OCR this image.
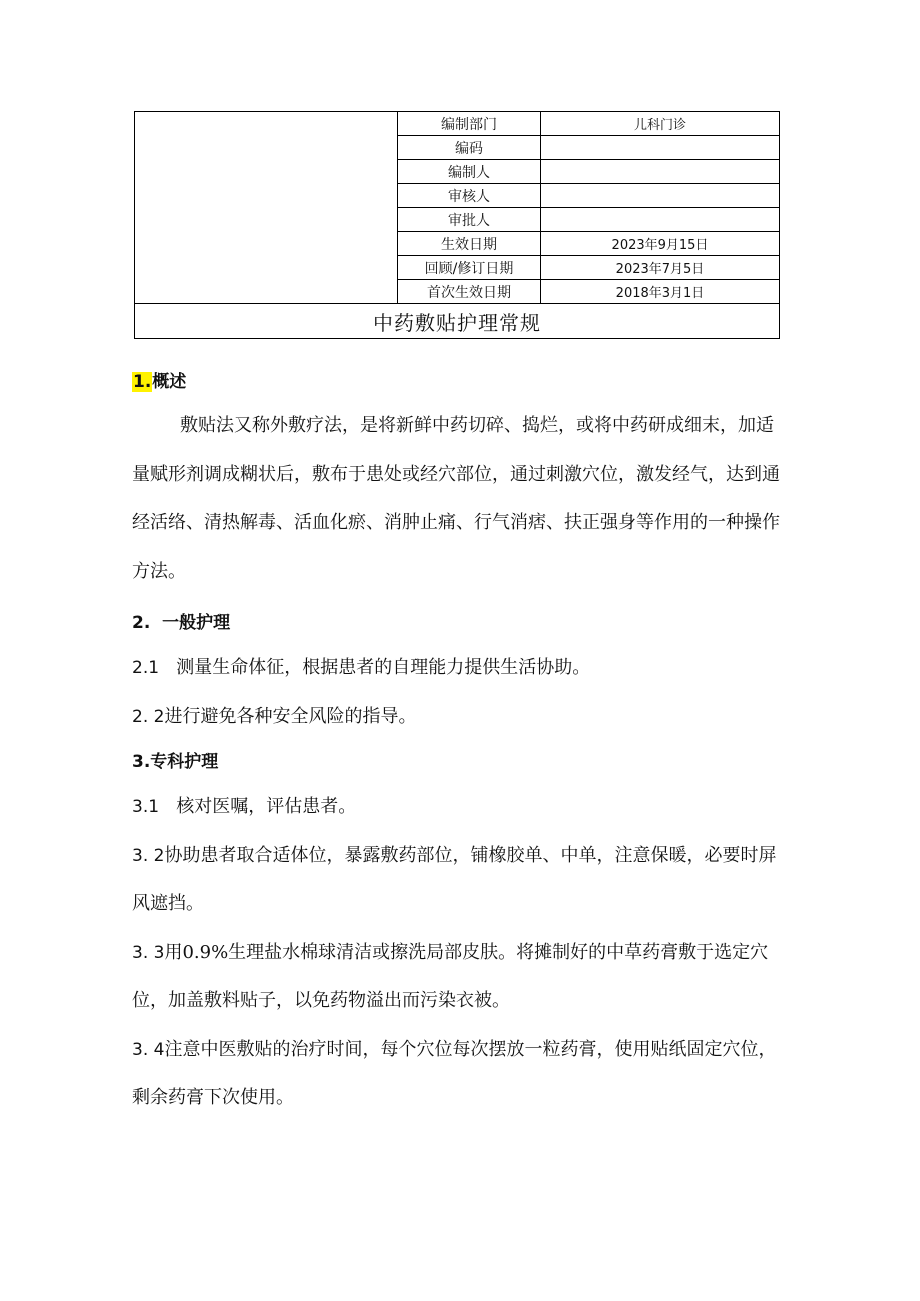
	编制部门	儿科门诊
	编码	
	编制人	
	审核人	
	审批人	
	生效日期	2023年9月15日
	回顾/修订日期	2023年7月5日
	首次生效日期	2018年3月1日
中药敷贴护理常规		
1.概述

敷贴法又称外敷疗法，是将新鲜中药切碎、捣烂，或将中药研成细末，加适量赋形剂调成糊状后，敷布于患处或经穴部位，通过刺激穴位，激发经气，达到通经活络、清热解毒、活血化瘀、消肿止痛、行气消痞、扶正强身等作用的一种操作方法。

2.  一般护理

2.1 测量生命体征，根据患者的自理能力提供生活协助。

2. 2进行避免各种安全风险的指导。

3.专科护理

3.1 核对医嘱，评估患者。

3. 2协助患者取合适体位，暴露敷药部位，铺橡胶单、中单，注意保暖，必要时屏风遮挡。

3. 3用0.9%生理盐水棉球清洁或擦洗局部皮肤。将摊制好的中草药膏敷于选定穴位，加盖敷料贴子，以免药物溢出而污染衣被。

3. 4注意中医敷贴的治疗时间，每个穴位每次摆放一粒药膏，使用贴纸固定穴位，剩余药膏下次使用。
